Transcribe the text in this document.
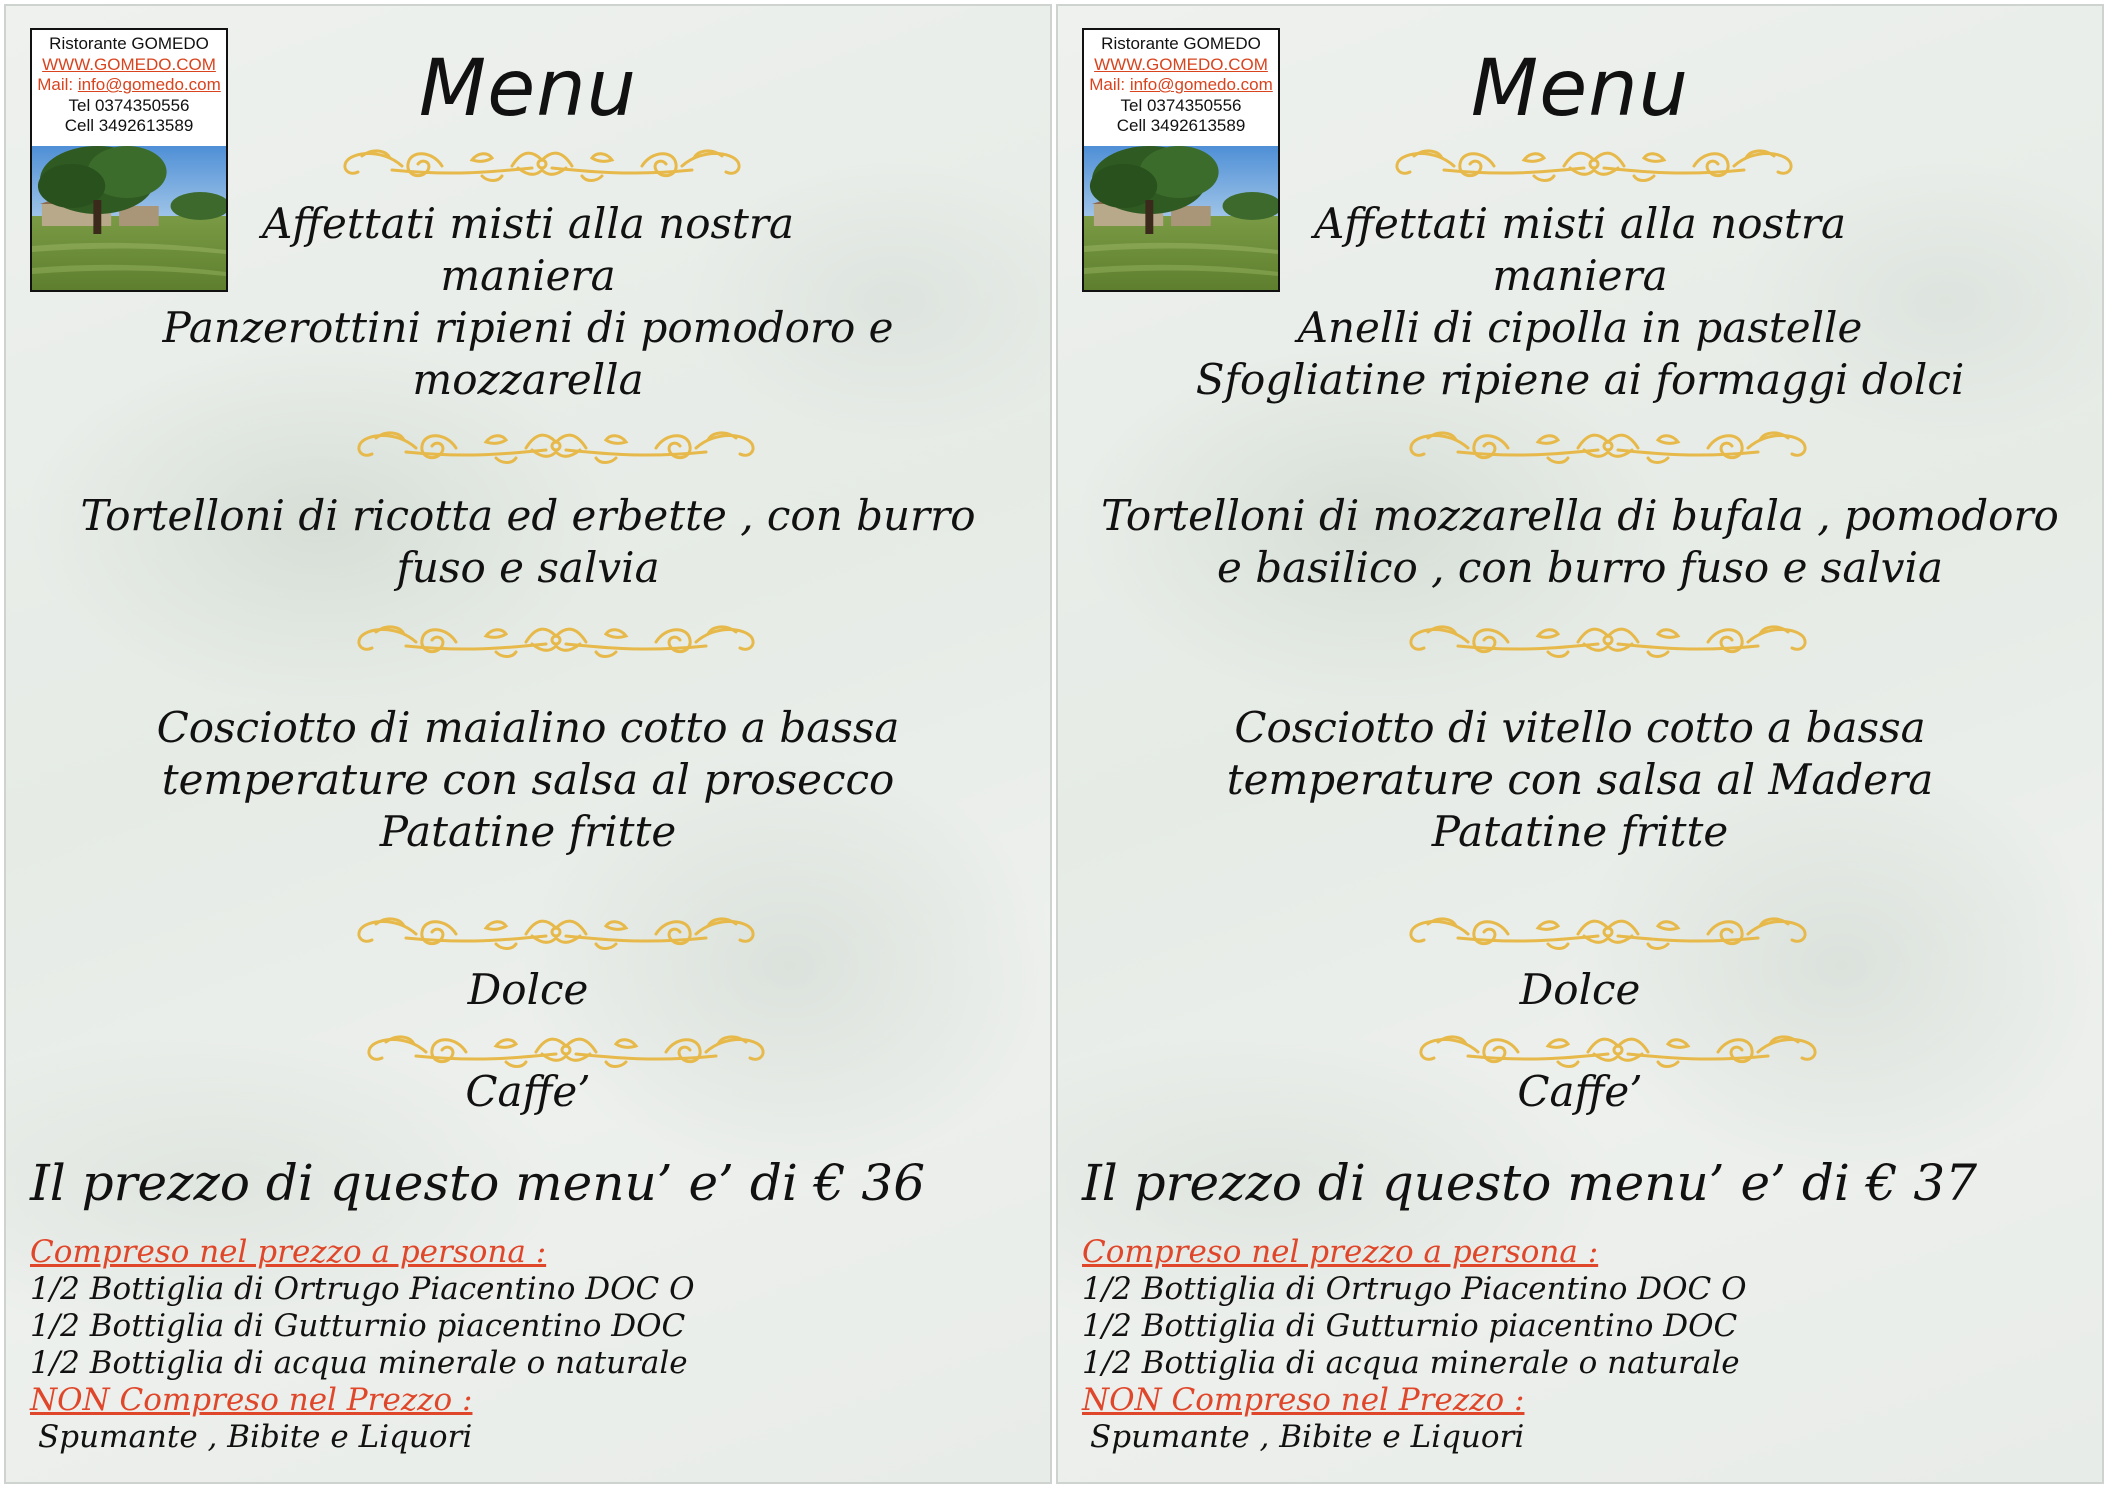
Ristorante GOMEDO
WWW.GOMEDO.COM
Mail: info@gomedo.com
Tel 0374350556
Cell 3492613589	Menu
Affettati misti alla nostra
maniera
Panzerottini ripieni di pomodoro e
mozzarella
Tortelloni di ricotta ed erbette , con burro
fuso e salvia
Cosciotto di maialino cotto a bassa
temperature con salsa al prosecco
Patatine fritte
Dolce
Caffe’
Il prezzo di questo menu’ e’ di € 36
Compreso nel prezzo a persona :
1/2 Bottiglia di Ortrugo Piacentino DOC O
1/2 Bottiglia di Gutturnio piacentino DOC
1/2 Bottiglia di acqua minerale o naturale
NON Compreso nel Prezzo :
Spumante , Bibite e Liquori
Ristorante GOMEDO
WWW.GOMEDO.COM
Mail: info@gomedo.com
Tel 0374350556
Cell 3492613589	Menu
Affettati misti alla nostra
maniera
Anelli di cipolla in pastelle
Sfogliatine ripiene ai formaggi dolci
Tortelloni di mozzarella di bufala , pomodoro
e basilico , con burro fuso e salvia
Cosciotto di vitello cotto a bassa
temperature con salsa al Madera
Patatine fritte
Dolce
Caffe’
Il prezzo di questo menu’ e’ di € 37
Compreso nel prezzo a persona :
1/2 Bottiglia di Ortrugo Piacentino DOC O
1/2 Bottiglia di Gutturnio piacentino DOC
1/2 Bottiglia di acqua minerale o naturale
NON Compreso nel Prezzo :
Spumante , Bibite e Liquori
